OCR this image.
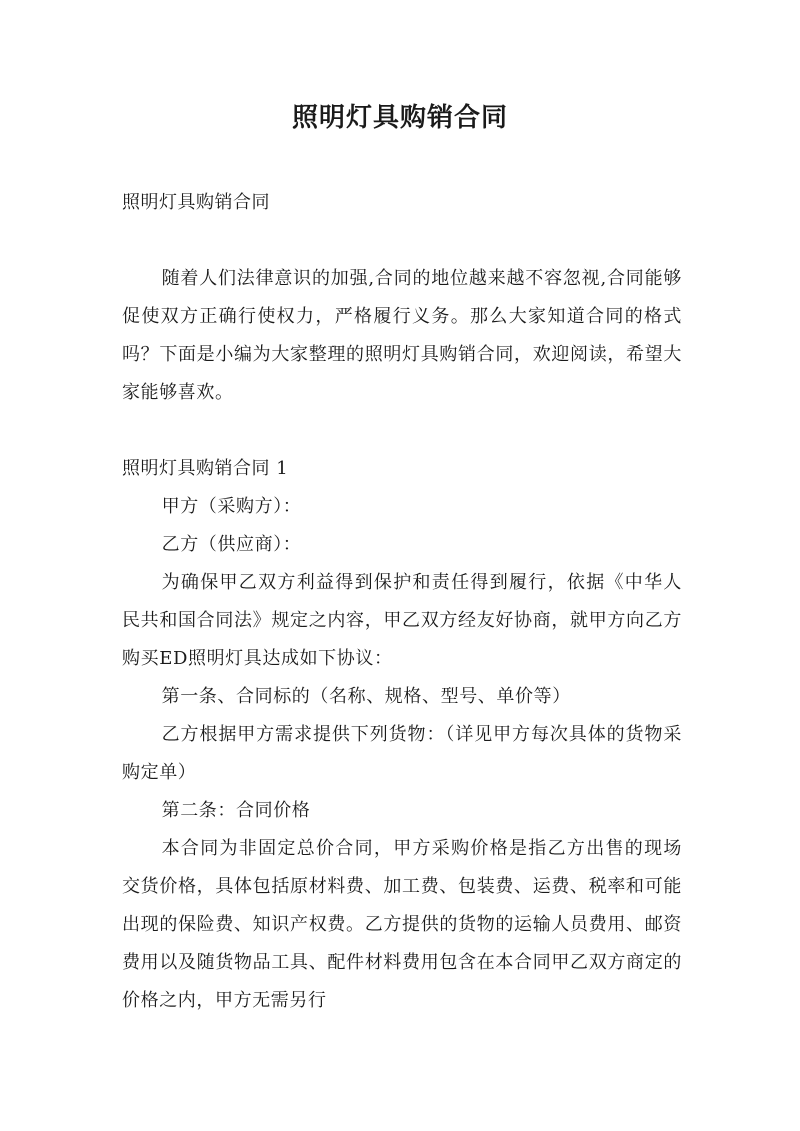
照明灯具购销合同

照明灯具购销合同

随着人们法律意识的加强,合同的地位越来越不容忽视,合同能够促使双方正确行使权力，严格履行义务。那么大家知道合同的格式吗？下面是小编为大家整理的照明灯具购销合同，欢迎阅读，希望大家能够喜欢。

照明灯具购销合同 1

甲方（采购方）：

乙方（供应商）：

为确保甲乙双方利益得到保护和责任得到履行，依据《中华人民共和国合同法》规定之内容，甲乙双方经友好协商，就甲方向乙方购买ED照明灯具达成如下协议：

第一条、合同标的（名称、规格、型号、单价等）

乙方根据甲方需求提供下列货物：（详见甲方每次具体的货物采购定单）

第二条：合同价格

本合同为非固定总价合同，甲方采购价格是指乙方出售的现场交货价格，具体包括原材料费、加工费、包装费、运费、税率和可能出现的保险费、知识产权费。乙方提供的货物的运输人员费用、邮资费用以及随货物品工具、配件材料费用包含在本合同甲乙双方商定的价格之内，甲方无需另行
